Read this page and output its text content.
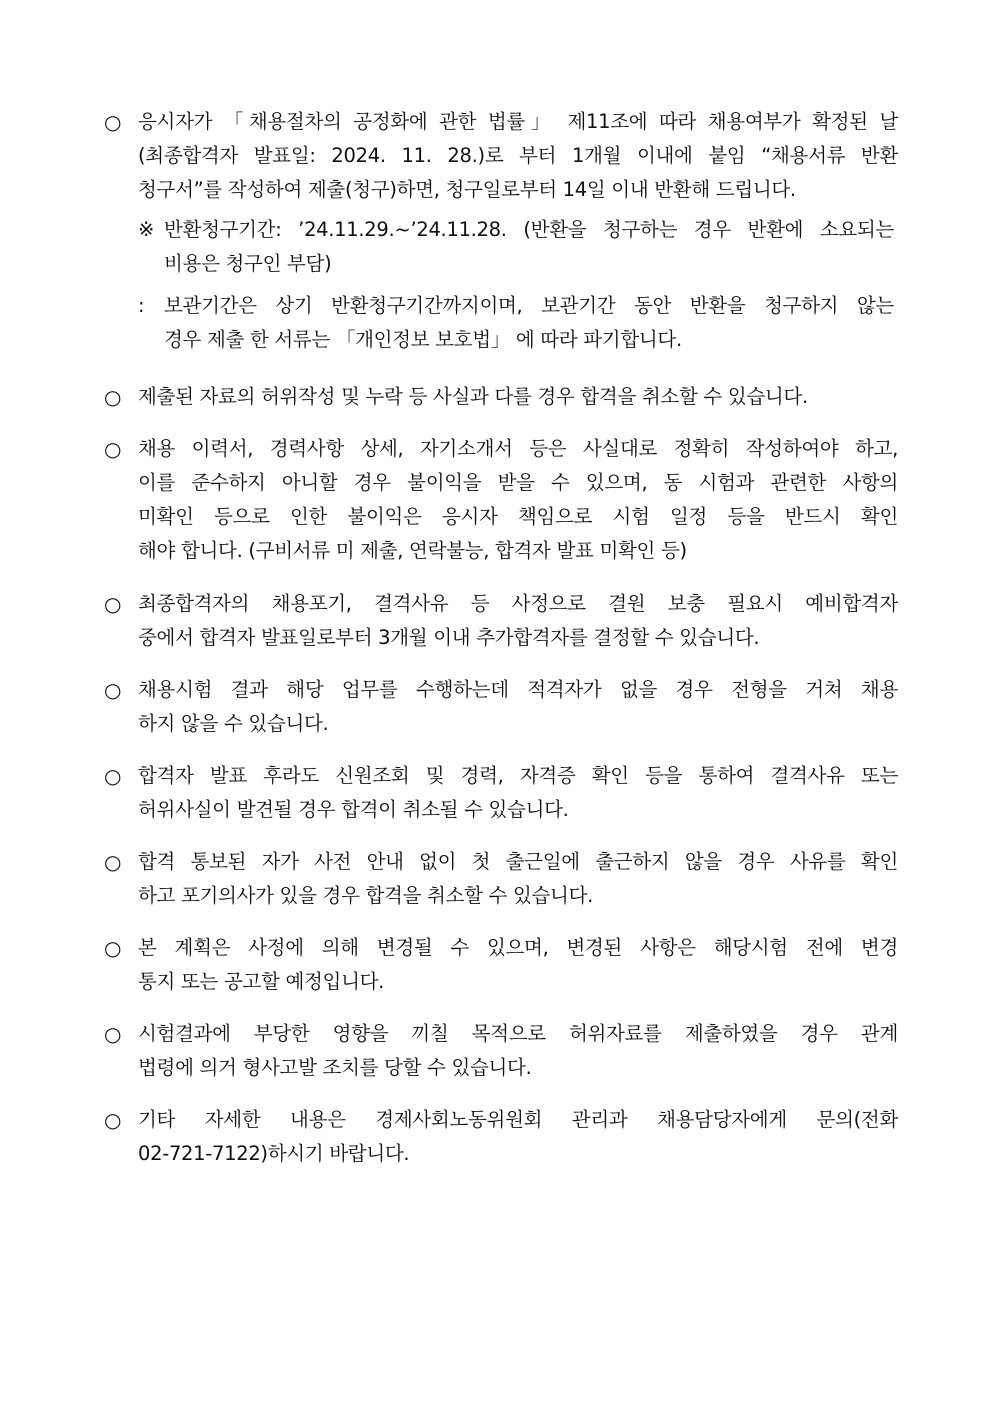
○ 응시자가 「채용절차의 공정화에 관한 법률」 제11조에 따라 채용여부가 확정된 날
(최종합격자 발표일: 2024. 11. 28.)로 부터 1개월 이내에 붙임 “채용서류 반환
청구서”를 작성하여 제출(청구)하면, 청구일로부터 14일 이내 반환해 드립니다.
※ 반환청구기간: ’24.11.29.~’24.11.28. (반환을 청구하는 경우 반환에 소요되는
비용은 청구인 부담)
: 보관기간은 상기 반환청구기간까지이며, 보관기간 동안 반환을 청구하지 않는
경우 제출 한 서류는 「개인정보 보호법」 에 따라 파기합니다.
○ 제출된 자료의 허위작성 및 누락 등 사실과 다를 경우 합격을 취소할 수 있습니다.
○ 채용 이력서, 경력사항 상세, 자기소개서 등은 사실대로 정확히 작성하여야 하고,
이를 준수하지 아니할 경우 불이익을 받을 수 있으며, 동 시험과 관련한 사항의
미확인 등으로 인한 불이익은 응시자 책임으로 시험 일정 등을 반드시 확인
해야 합니다. (구비서류 미 제출, 연락불능, 합격자 발표 미확인 등)
○ 최종합격자의 채용포기, 결격사유 등 사정으로 결원 보충 필요시 예비합격자
중에서 합격자 발표일로부터 3개월 이내 추가합격자를 결정할 수 있습니다.
○ 채용시험 결과 해당 업무를 수행하는데 적격자가 없을 경우 전형을 거쳐 채용
하지 않을 수 있습니다.
○ 합격자 발표 후라도 신원조회 및 경력, 자격증 확인 등을 통하여 결격사유 또는
허위사실이 발견될 경우 합격이 취소될 수 있습니다.
○ 합격 통보된 자가 사전 안내 없이 첫 출근일에 출근하지 않을 경우 사유를 확인
하고 포기의사가 있을 경우 합격을 취소할 수 있습니다.
○ 본 계획은 사정에 의해 변경될 수 있으며, 변경된 사항은 해당시험 전에 변경
통지 또는 공고할 예정입니다.
○ 시험결과에 부당한 영향을 끼칠 목적으로 허위자료를 제출하였을 경우 관계
법령에 의거 형사고발 조치를 당할 수 있습니다.
○ 기타 자세한 내용은 경제사회노동위원회 관리과 채용담당자에게 문의(전화
02-721-7122)하시기 바랍니다.
